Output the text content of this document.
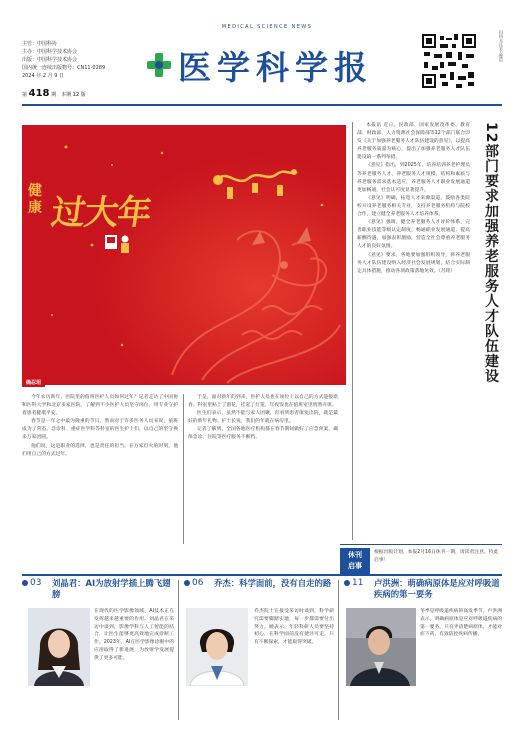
主管：中国科协
主办：中国科学技术协会
出版：中国科学技术协会
国内统一连续出版物号：CN11-0289
2024 年 2 月 9 日
第 418 期　本期 12 版
MEDICAL SCIENCE NEWS
医学科学报
扫码关注官方微信
健
康 过大年
确忍坦

今年农历新年，医院里的值班医护人员如何过年？记者走访了中国协和医科大学和北京多家医院，了解到不少医护人员坚守岗位，用专业守护着患者健康平安。

春节是一年之中最为隆重的节日，然而对于许多医务人员来说，值班成为了常态。急诊科、重症医学科等科室的医生护士们，以自己的坚守换来万家团圆。

他们说，这是职业的选择，也是责任的担当。在万家灯火的时刻，他们用自己的方式过年。

于是，面对新年的到来，医护人员也在岗位上以自己的方式迎接新春。科室里贴上了窗花，挂起了灯笼，年夜饭也在值班室里悄然开席。

医生们表示，虽然不能与家人团聚，但看到患者康复出院，就是最好的新年礼物。护士长说，我们的年就在病房里。

记者了解到，全国各地医疗机构都在春节期间做好了应急预案，确保急诊、住院等医疗服务不断档。

本报讯 近日，民政部、国家发展改革委、教育部、财政部、人力资源社会保障部等12个部门联合印发《关于加强养老服务人才队伍建设的意见》，以提高养老服务质量为核心，提出了加强养老服务人才队伍建设的一系列举措。

《意见》指出，到2025年，培养培训养老护理员等养老服务人才，养老服务人才规模、结构和素质与养老服务需求基本适应，养老服务人才职业发展通道更加畅通，社会认可度显著提升。

《意见》明确，拓宽人才来源渠道，鼓励各类院校开设养老服务相关专业，支持养老服务机构与院校合作，建立健全养老服务人才培养体系。

《意见》强调，健全养老服务人才评价体系，完善职业技能等级认定制度，畅通职业发展通道，提高薪酬待遇，加强表彰激励，营造全社会尊重养老服务人才的良好氛围。

《意见》要求，各地要加强组织领导，将养老服务人才队伍建设纳入经济社会发展规划，结合实际制定具体措施，推动各项政策落地见效。（苏铭）	12部门要求加强养老服务人才队伍建设
休刊
启事
根据出版计划，本报2月16日休刊一期，请读者注意。特此启事！
03 刘晶君：AI为放射学插上腾飞翅膀
在现代的医学影像领域，AI技术正在发挥越来越重要的作用。刘晶君在采访中谈到，影像学科与人工智能的结合，让医生能够更高效地完成诊断工作。2023年，AI在医学影像诊断中的应用取得了新进展，为放射学发展提供了更多可能。
06 乔杰：科学面前，没有自走的路
乔杰院士在接受采访时谈到，科学研究需要脚踏实地，每一步都需要付出努力。她表示，年轻科研人员要坚持初心，在科学面前没有捷径可走。只有不断探索，才能取得突破。
11 卢洪洲：萌确病原体是应对呼吸道疾病的第一要务
冬季是呼吸道疾病的高发季节，卢洪洲表示，明确病原体是应对呼吸道疾病的第一要务。只有弄清楚病原体，才能对症下药，有效防控疾病传播。
